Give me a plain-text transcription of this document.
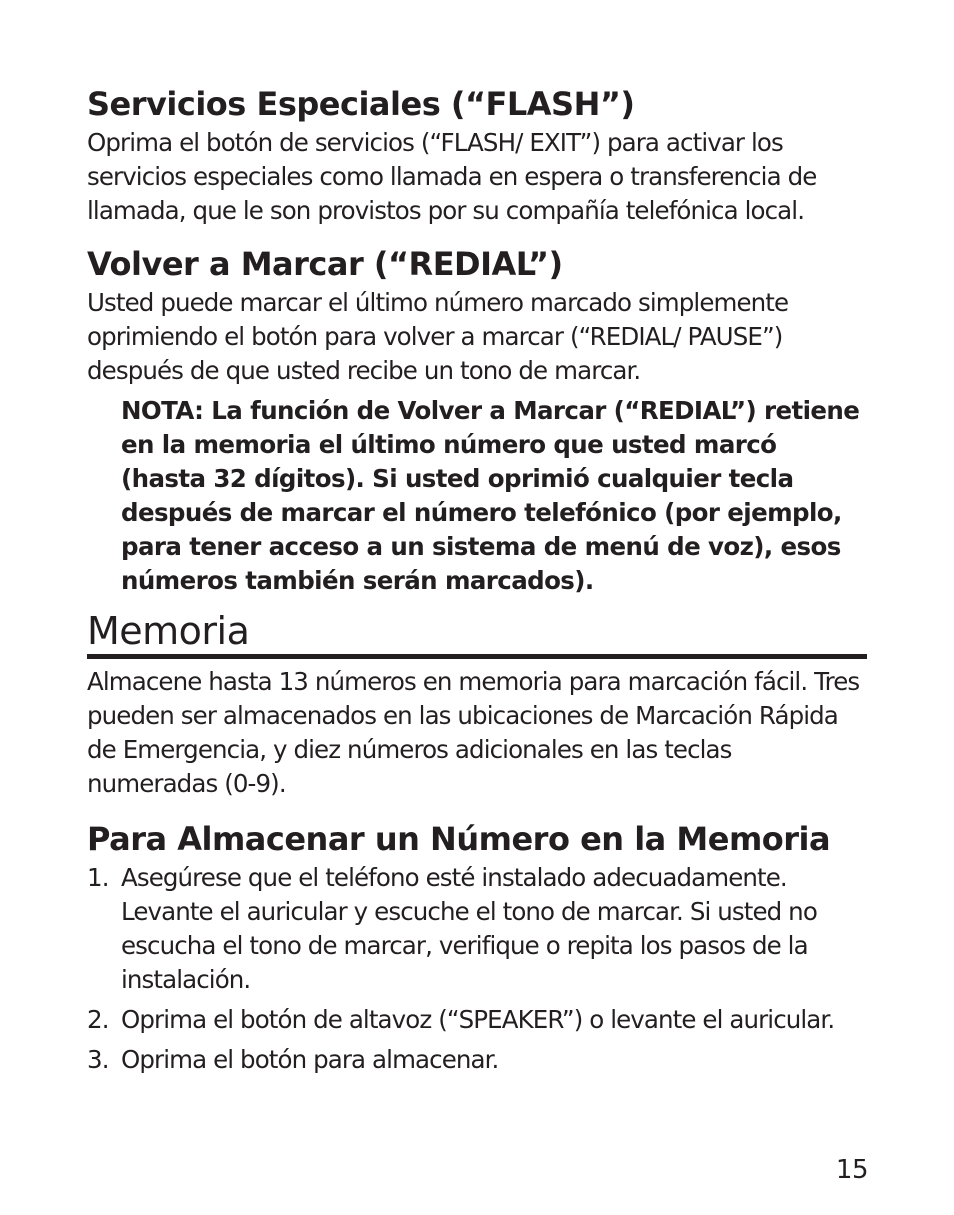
Servicios Especiales (“FLASH”)

Oprima el botón de servicios (“FLASH/ EXIT”) para activar los servicios especiales como llamada en espera o transferencia de llamada, que le son provistos por su compañía telefónica local.

Volver a Marcar (“REDIAL”)

Usted puede marcar el último número marcado simplemente oprimiendo el botón para volver a marcar (“REDIAL/ PAUSE”) después de que usted recibe un tono de marcar.

NOTA: La función de Volver a Marcar (“REDIAL”) retiene en la memoria el último número que usted marcó (hasta 32 dígitos). Si usted oprimió cualquier tecla después de marcar el número telefónico (por ejemplo, para tener acceso a un sistema de menú de voz), esos números también serán marcados).
Memoria

Almacene hasta 13 números en memoria para marcación fácil. Tres pueden ser almacenados en las ubicaciones de Marcación Rápida de Emergencia, y diez números adicionales en las teclas numeradas (0-9).

Para Almacenar un Número en la Memoria
1. Asegúrese que el teléfono esté instalado adecuadamente. Levante el auricular y escuche el tono de marcar. Si usted no escucha el tono de marcar, verifique o repita los pasos de la instalación.
2. Oprima el botón de altavoz (“SPEAKER”) o levante el auricular.
3. Oprima el botón para almacenar.
15
